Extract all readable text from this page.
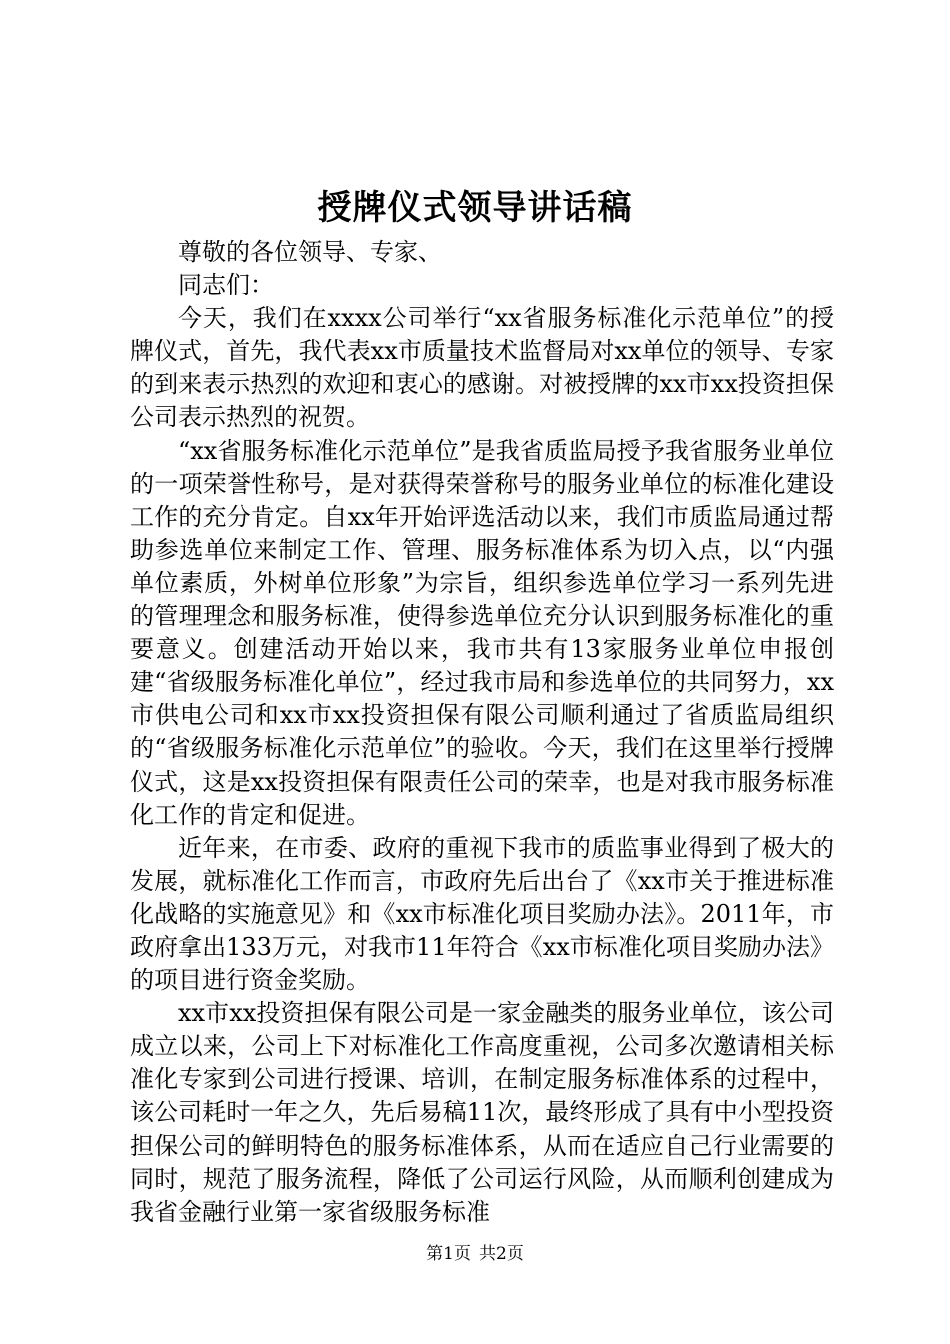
授牌仪式领导讲话稿

尊敬的各位领导、专家、

同志们：

今天，我们在xxxx公司举行“xx省服务标准化示范单位”的授牌仪式，首先，我代表xx市质量技术监督局对xx单位的领导、专家的到来表示热烈的欢迎和衷心的感谢。对被授牌的xx市xx投资担保公司表示热烈的祝贺。

“xx省服务标准化示范单位”是我省质监局授予我省服务业单位的一项荣誉性称号，是对获得荣誉称号的服务业单位的标准化建设工作的充分肯定。自xx年开始评选活动以来，我们市质监局通过帮助参选单位来制定工作、管理、服务标准体系为切入点，以“内强单位素质，外树单位形象”为宗旨，组织参选单位学习一系列先进的管理理念和服务标准，使得参选单位充分认识到服务标准化的重要意义。创建活动开始以来，我市共有13家服务业单位申报创建“省级服务标准化单位”，经过我市局和参选单位的共同努力，xx市供电公司和xx市xx投资担保有限公司顺利通过了省质监局组织的“省级服务标准化示范单位”的验收。今天，我们在这里举行授牌仪式，这是xx投资担保有限责任公司的荣幸，也是对我市服务标准化工作的肯定和促进。

近年来，在市委、政府的重视下我市的质监事业得到了极大的发展，就标准化工作而言，市政府先后出台了《xx市关于推进标准化战略的实施意见》和《xx市标准化项目奖励办法》。2011年，市政府拿出133万元，对我市11年符合《xx市标准化项目奖励办法》的项目进行资金奖励。

xx市xx投资担保有限公司是一家金融类的服务业单位，该公司成立以来，公司上下对标准化工作高度重视，公司多次邀请相关标准化专家到公司进行授课、培训，在制定服务标准体系的过程中，该公司耗时一年之久，先后易稿11次，最终形成了具有中小型投资担保公司的鲜明特色的服务标准体系，从而在适应自己行业需要的同时，规范了服务流程，降低了公司运行风险，从而顺利创建成为我省金融行业第一家省级服务标准

第1页 共2页
